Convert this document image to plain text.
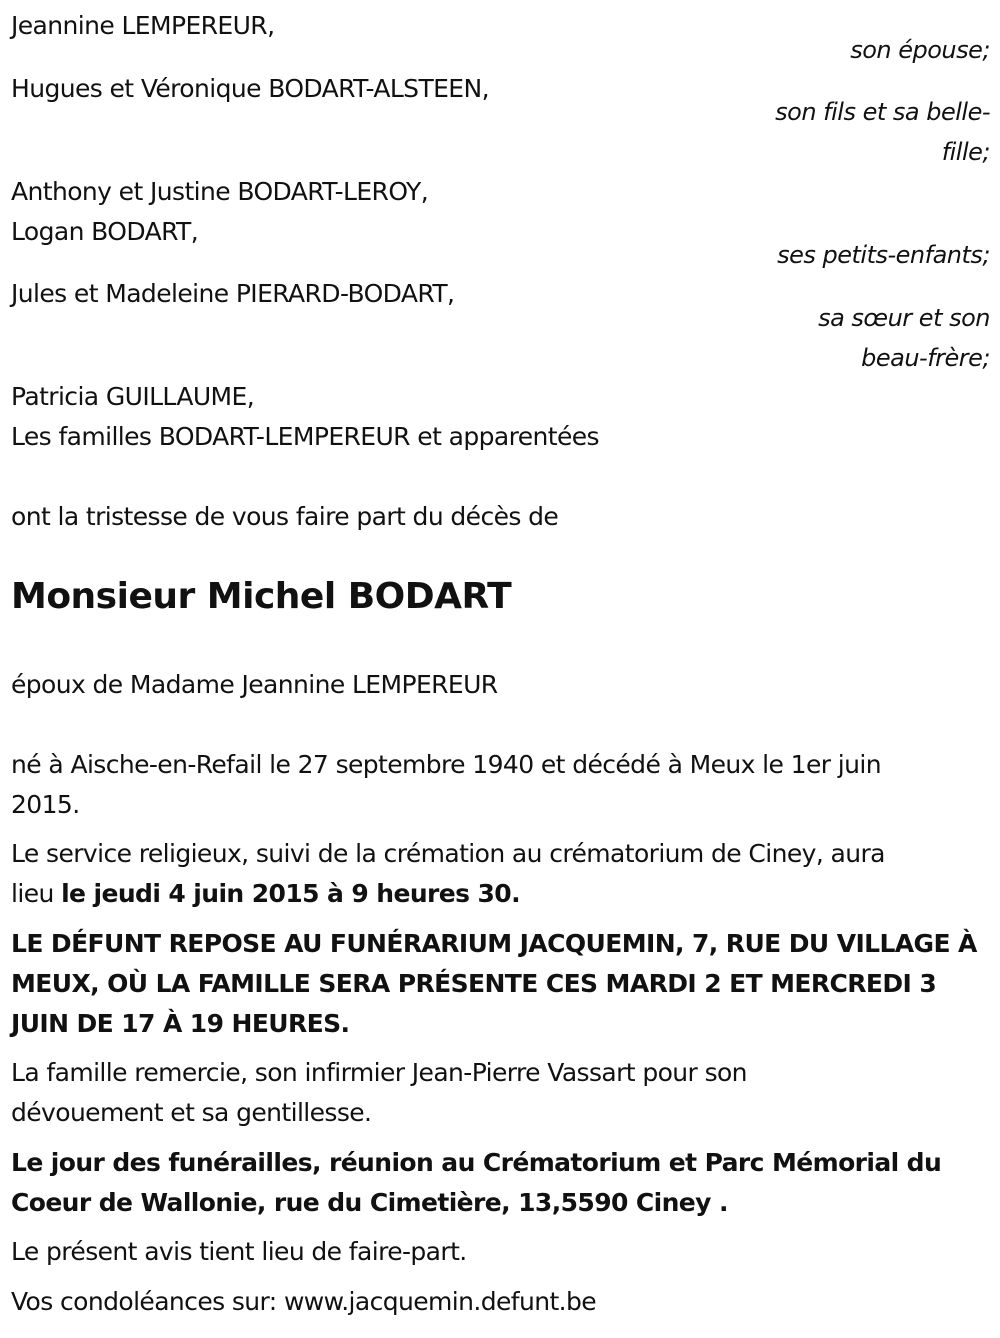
Jeannine LEMPEREUR,
son épouse;
Hugues et Véronique BODART-ALSTEEN,
son fils et sa belle-
fille;
Anthony et Justine BODART-LEROY,
Logan BODART,
ses petits-enfants;
Jules et Madeleine PIERARD-BODART,
sa sœur et son
beau-frère;
Patricia GUILLAUME,
Les familles BODART-LEMPEREUR et apparentées
ont la tristesse de vous faire part du décès de
Monsieur Michel BODART
époux de Madame Jeannine LEMPEREUR
né à Aische-en-Refail le 27 septembre 1940 et décédé à Meux le 1er juin
2015.
Le service religieux, suivi de la crémation au crématorium de Ciney, aura
lieu le jeudi 4 juin 2015 à 9 heures 30.
LE DÉFUNT REPOSE AU FUNÉRARIUM JACQUEMIN, 7, RUE DU VILLAGE À
MEUX, OÙ LA FAMILLE SERA PRÉSENTE CES MARDI 2 ET MERCREDI 3
JUIN DE 17 À 19 HEURES.
La famille remercie, son infirmier Jean-Pierre Vassart pour son
dévouement et sa gentillesse.
Le jour des funérailles, réunion au Crématorium et Parc Mémorial du
Coeur de Wallonie, rue du Cimetière, 13,5590 Ciney .
Le présent avis tient lieu de faire-part.
Vos condoléances sur: www.jacquemin.defunt.be
